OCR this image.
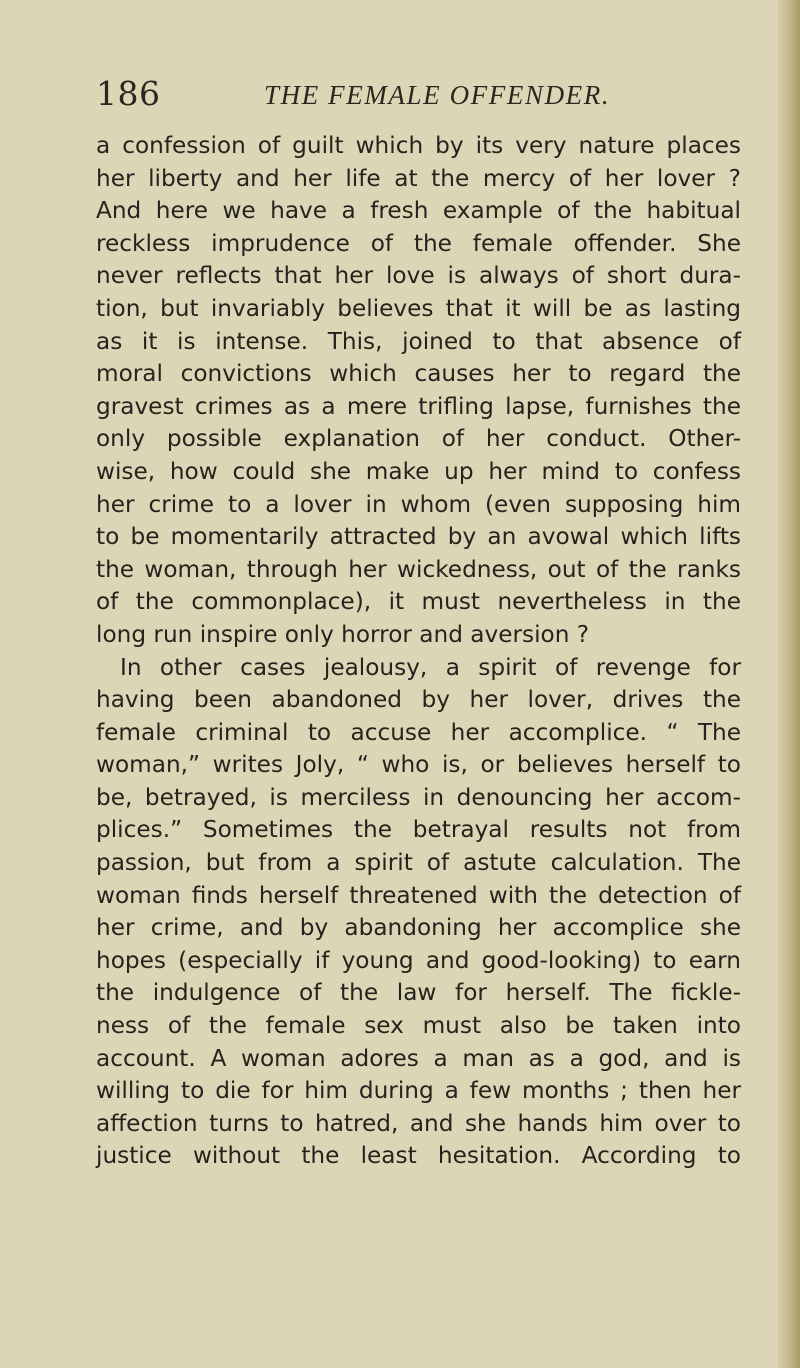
186	THE FEMALE OFFENDER.
a confession of guilt which by its very nature places
her liberty and her life at the mercy of her lover ?
And here we have a fresh example of the habitual
reckless imprudence of the female offender. She
never reflects that her love is always of short dura-
tion, but invariably believes that it will be as lasting
as it is intense. This, joined to that absence of
moral convictions which causes her to regard the
gravest crimes as a mere trifling lapse, furnishes the
only possible explanation of her conduct. Other-
wise, how could she make up her mind to confess
her crime to a lover in whom (even supposing him
to be momentarily attracted by an avowal which lifts
the woman, through her wickedness, out of the ranks
of the commonplace), it must nevertheless in the
long run inspire only horror and aversion ?
In other cases jealousy, a spirit of revenge for
having been abandoned by her lover, drives the
female criminal to accuse her accomplice. “ The
woman,” writes Joly, “ who is, or believes herself to
be, betrayed, is merciless in denouncing her accom-
plices.” Sometimes the betrayal results not from
passion, but from a spirit of astute calculation. The
woman finds herself threatened with the detection of
her crime, and by abandoning her accomplice she
hopes (especially if young and good-looking) to earn
the indulgence of the law for herself. The fickle-
ness of the female sex must also be taken into
account. A woman adores a man as a god, and is
willing to die for him during a few months ; then her
affection turns to hatred, and she hands him over to
justice without the least hesitation. According to
